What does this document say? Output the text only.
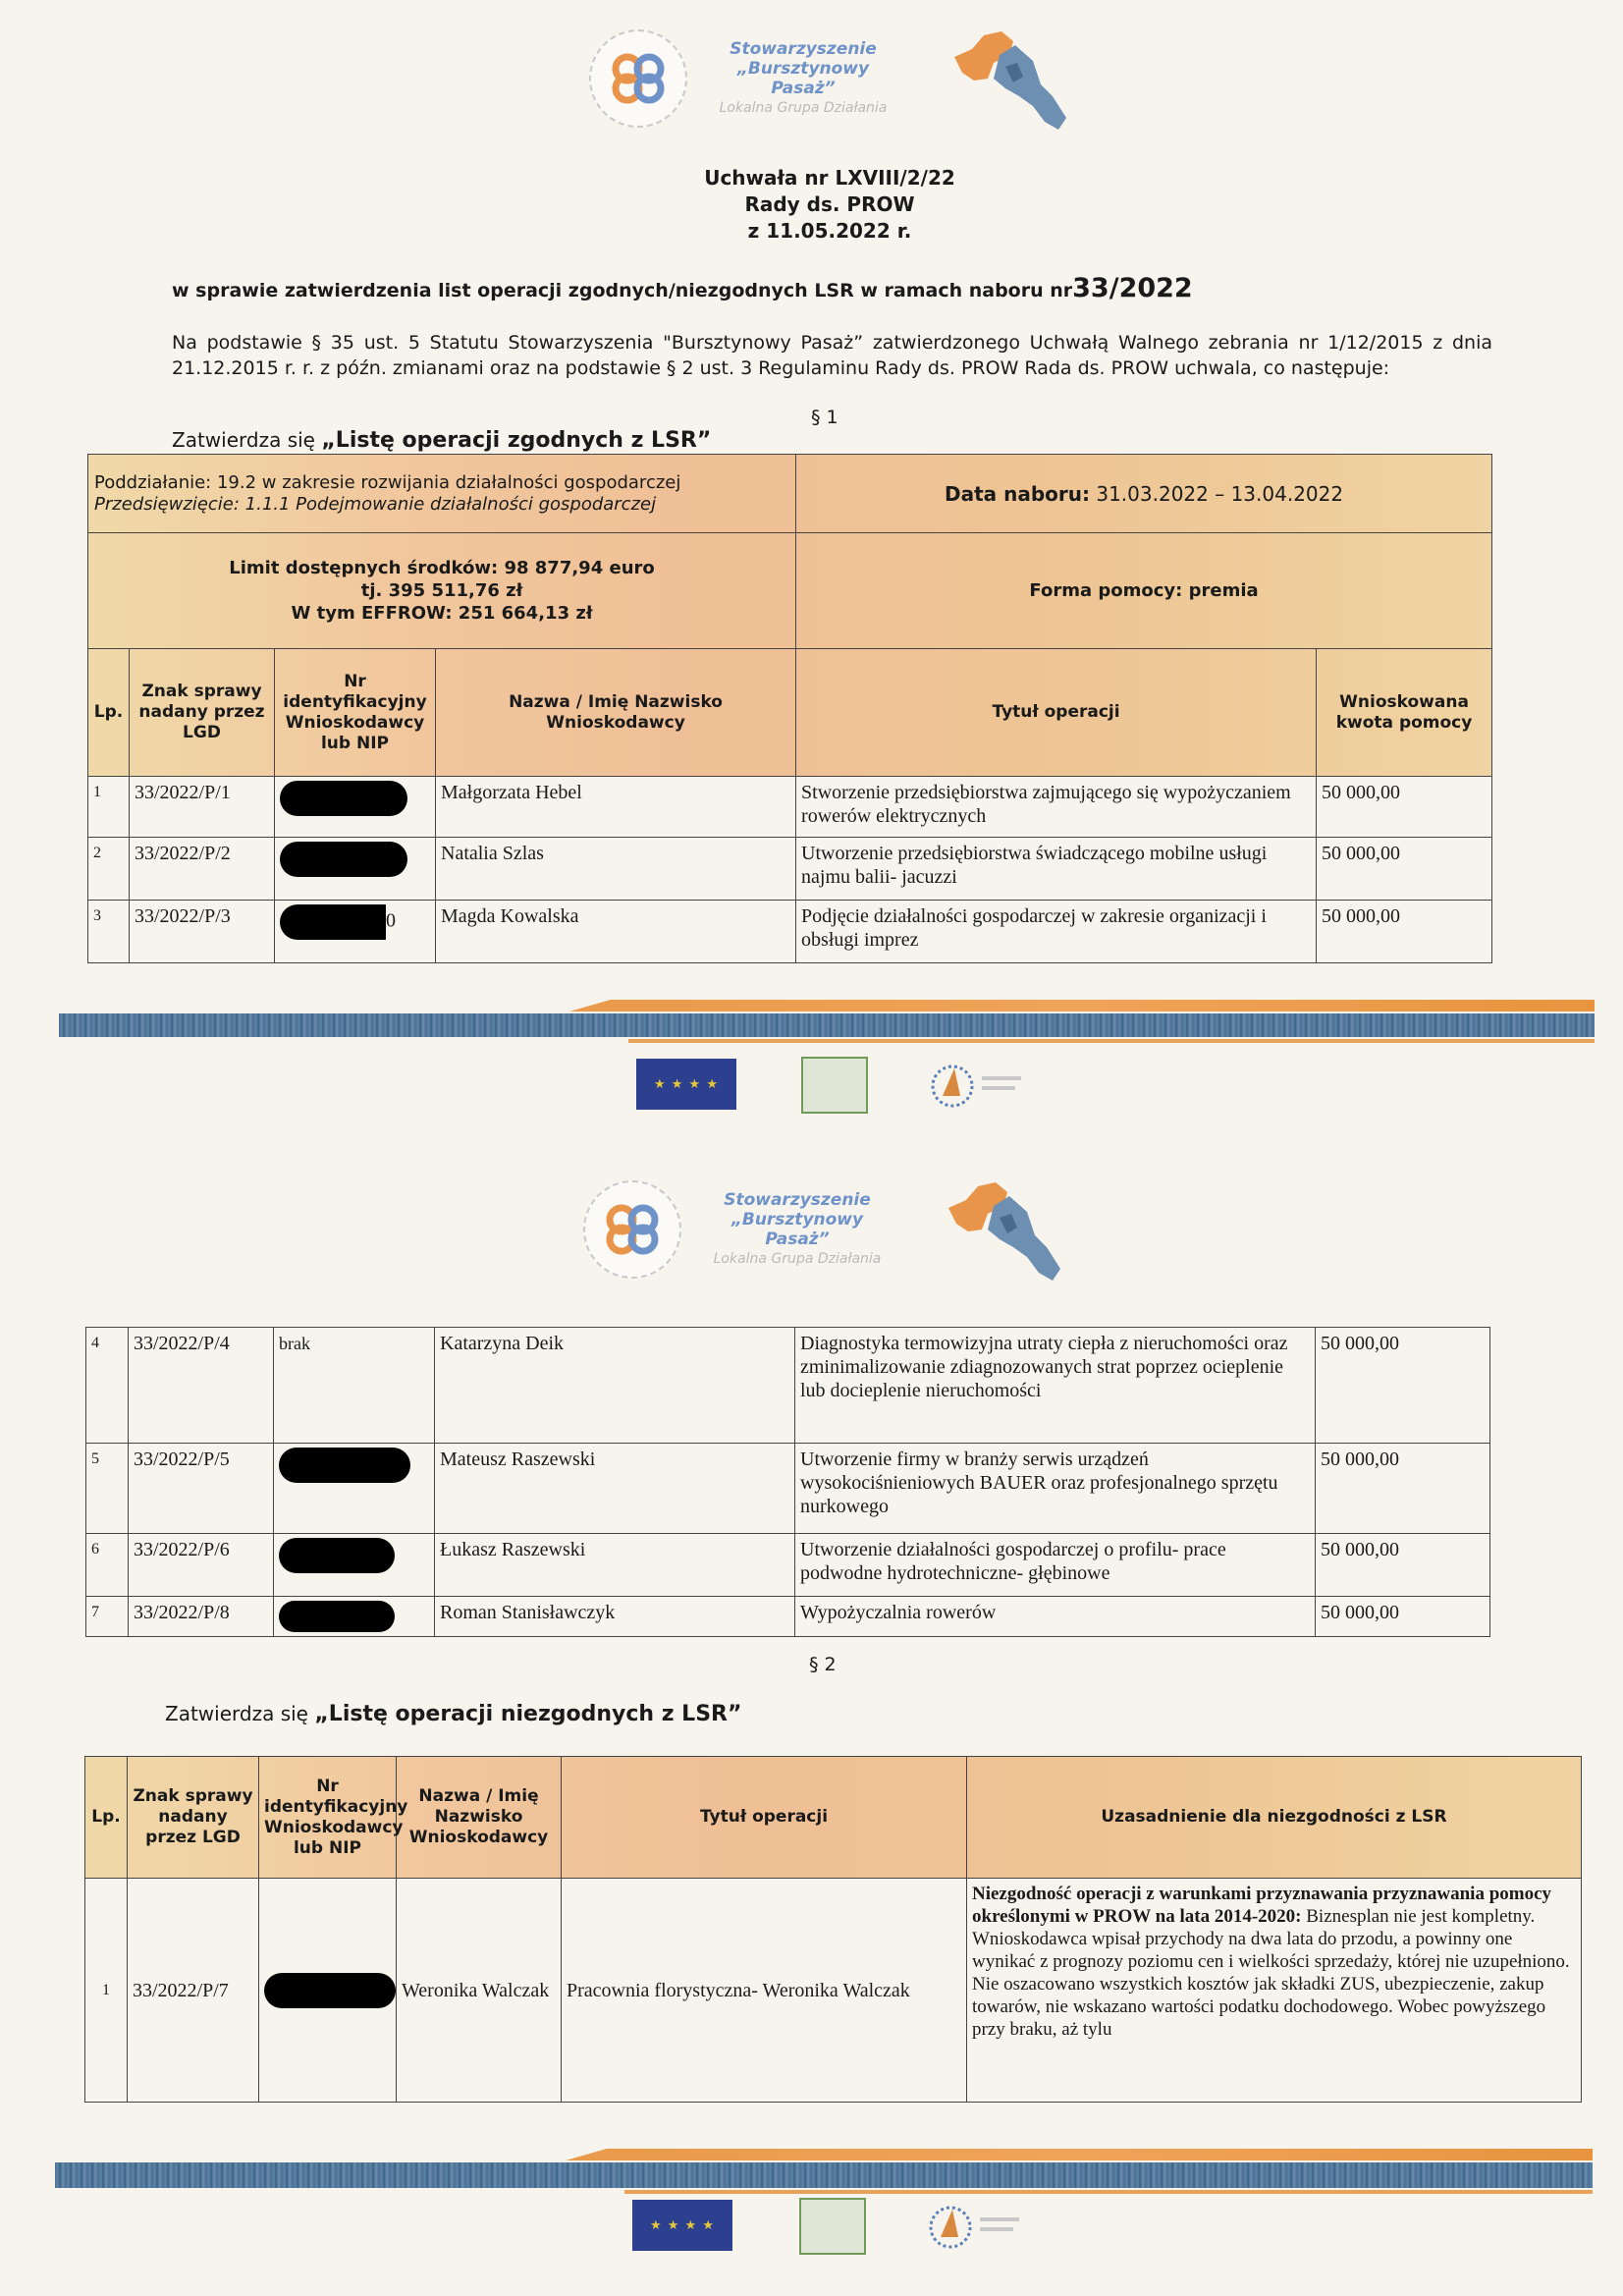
Stowarzyszenie
„Bursztynowy Pasaż”
Lokalna Grupa Działania
Uchwała nr LXVIII/2/22
Rady ds. PROW
z 11.05.2022 r.
w sprawie zatwierdzenia list operacji zgodnych/niezgodnych LSR w ramach naboru nr33/2022
Na podstawie § 35 ust. 5 Statutu Stowarzyszenia "Bursztynowy Pasaż” zatwierdzonego Uchwałą Walnego zebrania nr 1/12/2015 z dnia 21.12.2015 r. r. z późn. zmianami oraz na podstawie § 2 ust. 3 Regulaminu Rady ds. PROW Rada ds. PROW uchwala, co następuje:
§ 1
Zatwierdza się „Listę operacji zgodnych z LSR”
Poddziałanie: 19.2 w zakresie rozwijania działalności gospodarczej
Przedsięwzięcie: 1.1.1 Podejmowanie działalności gospodarczej				Data naboru: 31.03.2022 – 13.04.2022	

Limit dostępnych środków: 98 877,94 euro
tj. 395 511,76 zł
W tym EFFROW: 251 664,13 zł				Forma pomocy: premia	
Lp.	Znak sprawy nadany przez LGD	Nr identyfikacyjny Wnioskodawcy lub NIP	Nazwa / Imię Nazwisko Wnioskodawcy	Tytuł operacji	Wnioskowana kwota pomocy
1	33/2022/P/1		Małgorzata Hebel	Stworzenie przedsiębiorstwa zajmującego się wypożyczaniem rowerów elektrycznych	50 000,00
2	33/2022/P/2		Natalia Szlas	Utworzenie przedsiębiorstwa świadczącego mobilne usługi najmu balii- jacuzzi	50 000,00
3	33/2022/P/3	0	Magda Kowalska	Podjęcie działalności gospodarczej w zakresie organizacji i obsługi imprez	50 000,00
★ ★ ★ ★
Stowarzyszenie
„Bursztynowy Pasaż”
Lokalna Grupa Działania
4	33/2022/P/4	brak	Katarzyna Deik	Diagnostyka termowizyjna utraty ciepła z nieruchomości oraz zminimalizowanie zdiagnozowanych strat poprzez ocieplenie lub docieplenie nieruchomości	50 000,00
5	33/2022/P/5		Mateusz Raszewski	Utworzenie firmy w branży serwis urządzeń wysokociśnieniowych BAUER oraz profesjonalnego sprzętu nurkowego	50 000,00
6	33/2022/P/6		Łukasz Raszewski	Utworzenie działalności gospodarczej o profilu- prace podwodne hydrotechniczne- głębinowe	50 000,00
7	33/2022/P/8		Roman Stanisławczyk	Wypożyczalnia rowerów	50 000,00
§ 2
Zatwierdza się „Listę operacji niezgodnych z LSR”
Lp.	Znak sprawy nadany przez LGD	Nr identyfikacyjny Wnioskodawcy lub NIP	Nazwa / Imię Nazwisko Wnioskodawcy	Tytuł operacji	Uzasadnienie dla niezgodności z LSR
1	33/2022/P/7		Weronika Walczak	Pracownia florystyczna- Weronika Walczak	Niezgodność operacji z warunkami przyznawania przyznawania pomocy określonymi w PROW na lata 2014-2020: Biznesplan nie jest kompletny. Wnioskodawca wpisał przychody na dwa lata do przodu, a powinny one wynikać z prognozy poziomu cen i wielkości sprzedaży, której nie uzupełniono. Nie oszacowano wszystkich kosztów jak składki ZUS, ubezpieczenie, zakup towarów, nie wskazano wartości podatku dochodowego. Wobec powyższego przy braku, aż tylu
★ ★ ★ ★
